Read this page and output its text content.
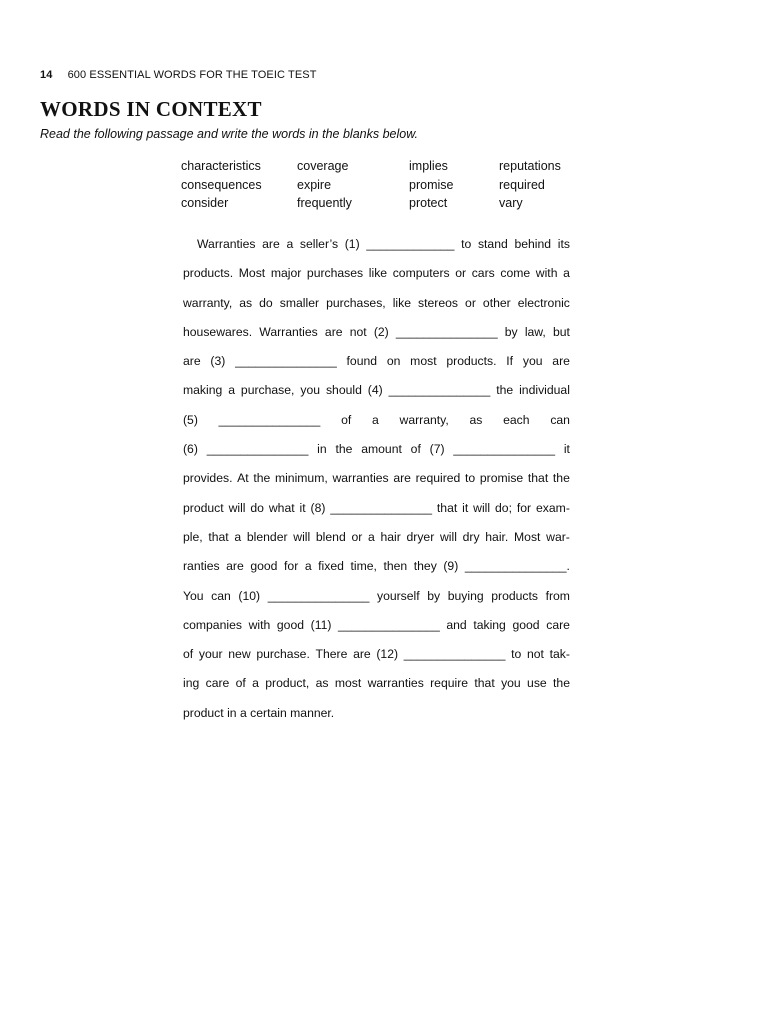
14 600 ESSENTIAL WORDS FOR THE TOEIC TEST
WORDS IN CONTEXT

Read the following passage and write the words in the blanks below.

characteristics	coverage	implies	reputations
consequences	expire	promise	required
consider	frequently	protect	vary
Warranties are a seller’s (1) _____________ to stand behind its
products. Most major purchases like computers or cars come with a
warranty, as do smaller purchases, like stereos or other electronic
housewares. Warranties are not (2) _______________ by law, but
are (3) _______________ found on most products. If you are
making a purchase, you should (4) _______________ the individual
(5) _______________ of a warranty, as each can
(6) _______________ in the amount of (7) _______________ it
provides. At the minimum, warranties are required to promise that the
product will do what it (8) _______________ that it will do; for exam-
ple, that a blender will blend or a hair dryer will dry hair. Most war-
ranties are good for a fixed time, then they (9) _______________.
You can (10) _______________ yourself by buying products from
companies with good (11) _______________ and taking good care
of your new purchase. There are (12) _______________ to not tak-
ing care of a product, as most warranties require that you use the
product in a certain manner.
